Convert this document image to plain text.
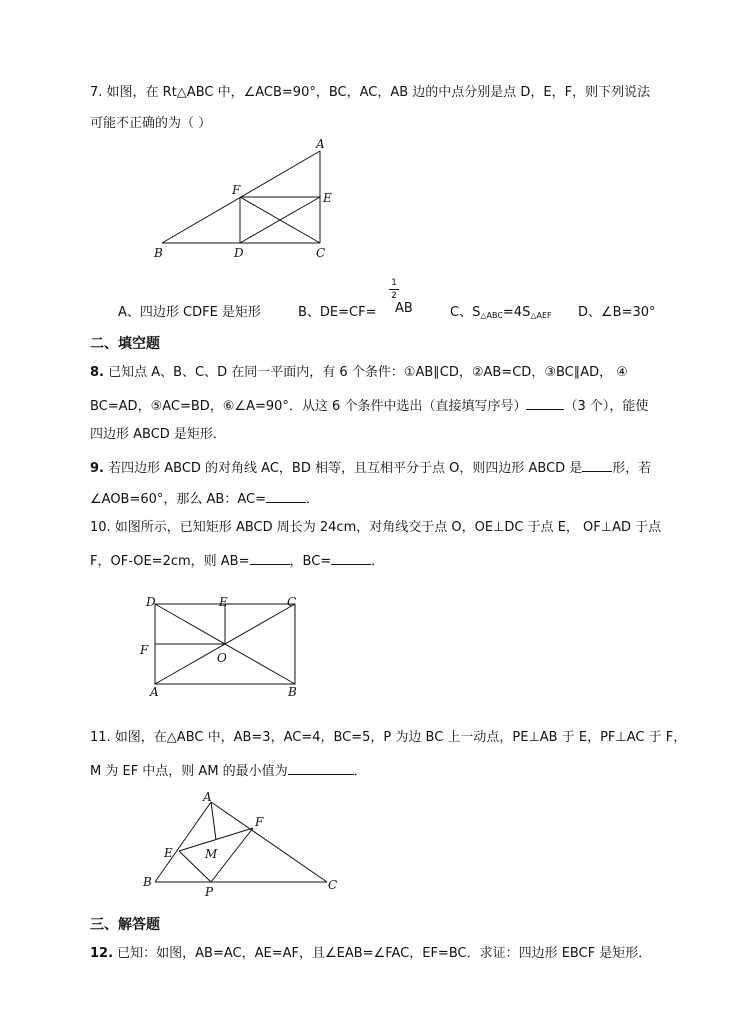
7. 如图，在 Rt△ABC 中，∠ACB=90°，BC，AC，AB 边的中点分别是点 D，E，F，则下列说法
可能不正确的为（ ）
A
B	C
D
E
F
A、四边形 CDFE 是矩形	B、DE=CF=
1
2
AB	C、$S_{\triangle ABC}=4S_{\triangle AEF}$ D、∠B=30°
二、填空题
8. 已知点 A、B、C、D 在同一平面内，有 6 个条件：①AB∥CD，②AB=CD，③BC∥AD， ④
BC=AD，⑤AC=BD，⑥∠A=90°．从这 6 个条件中选出（直接填写序号）	（3 个），能使
四边形 ABCD 是矩形．
9. 若四边形 ABCD 的对角线 AC，BD 相等，且互相平分于点 O，则四边形 ABCD 是 形，若
∠AOB=60°，那么 AB：AC=	．
10. 如图所示，已知矩形 ABCD 周长为 24cm，对角线交于点 O，OE⊥DC 于点 E， OF⊥AD 于点
F，OF-OE=2cm，则 AB=	，BC=	．
D	E	C
F
O
A	B
11. 如图，在△ABC 中，AB=3，AC=4，BC=5，P 为边 BC 上一动点，PE⊥AB 于 E，PF⊥AC 于 F，
M 为 EF 中点，则 AM 的最小值为	．
A
F
E	M
B
P	C
三、解答题
12. 已知：如图，AB=AC，AE=AF，且∠EAB=∠FAC，EF=BC．求证：四边形 EBCF 是矩形．
